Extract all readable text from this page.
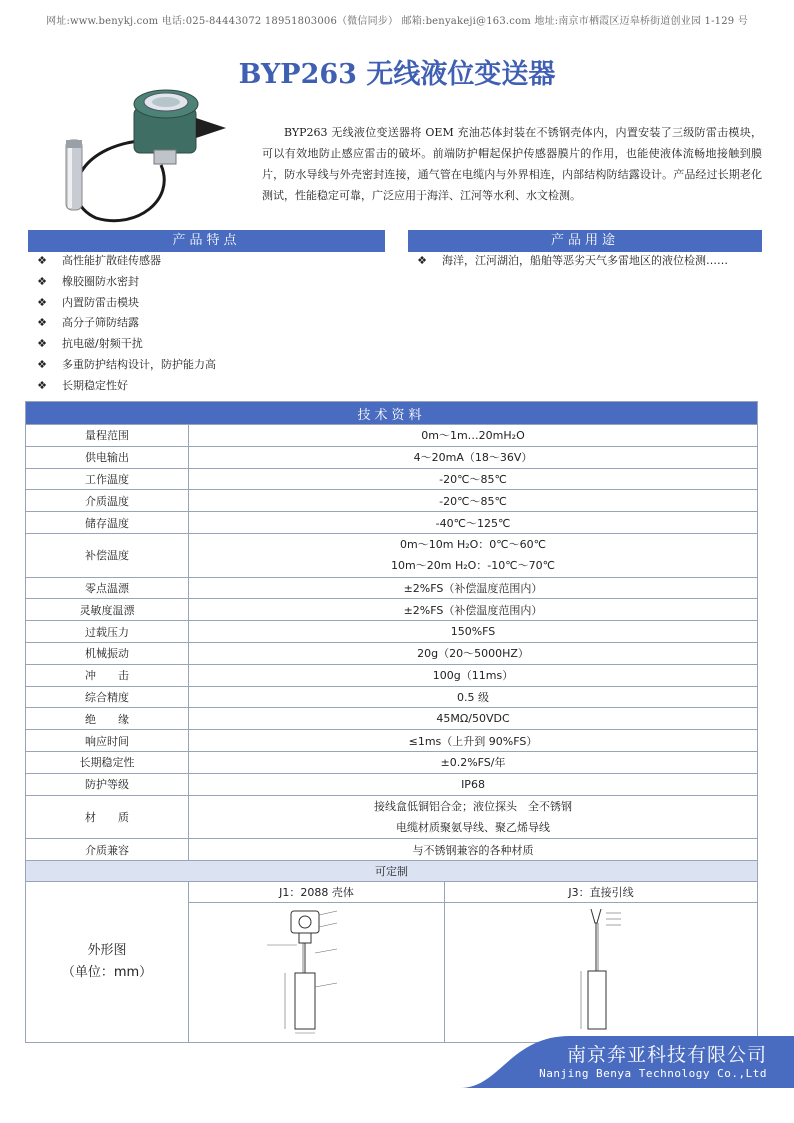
网址:www.benykj.com 电话:025-84443072 18951803006（微信同步） 邮箱:benyakeji@163.com 地址:南京市栖霞区迈皋桥街道创业园 1-129 号
BYP263 无线液位变送器
BYP263 无线液位变送器将 OEM 充油芯体封装在不锈钢壳体内，内置安装了三级防雷击模块，可以有效地防止感应雷击的破坏。前端防护帽起保护传感器膜片的作用，也能使液体流畅地接触到膜片，防水导线与外壳密封连接，通气管在电缆内与外界相连，内部结构防结露设计。产品经过长期老化测试，性能稳定可靠，广泛应用于海洋、江河等水利、水文检测。
产品特点	产品用途
❖	高性能扩散硅传感器
❖	橡胶圈防水密封
❖	内置防雷击模块
❖	高分子筛防结露
❖	抗电磁/射频干扰
❖	多重防护结构设计，防护能力高
❖	长期稳定性好
❖	海洋，江河湖泊，船舶等恶劣天气多雷地区的液位检测……
技术资料		
量程范围	0m～1m…20mH₂O	
供电输出	4～20mA（18～36V）	
工作温度	-20℃～85℃	
介质温度	-20℃～85℃	
储存温度	-40℃～125℃	
补偿温度	0m～10m H₂O：0℃～60℃
10m～20m H₂O：-10℃～70℃	

零点温漂	±2%FS（补偿温度范围内）	
灵敏度温漂	±2%FS（补偿温度范围内）	
过载压力	150%FS	
机械振动	20g（20～5000HZ）	
冲　　击	100g（11ms）	
综合精度	0.5 级	
绝　　缘	45MΩ/50VDC	
响应时间	≤1ms（上升到 90%FS）	
长期稳定性	±0.2%FS/年	
防护等级	IP68	
材　　质	接线盒低铜铝合金；液位探头　全不锈钢
电缆材质聚氨导线、聚乙烯导线	

介质兼容	与不锈钢兼容的各种材质	
可定制		

外形图
（单位：mm）	J1：2088 壳体	J3：直接引线

南京奔亚科技有限公司
Nanjing Benya Technology Co.,Ltd
